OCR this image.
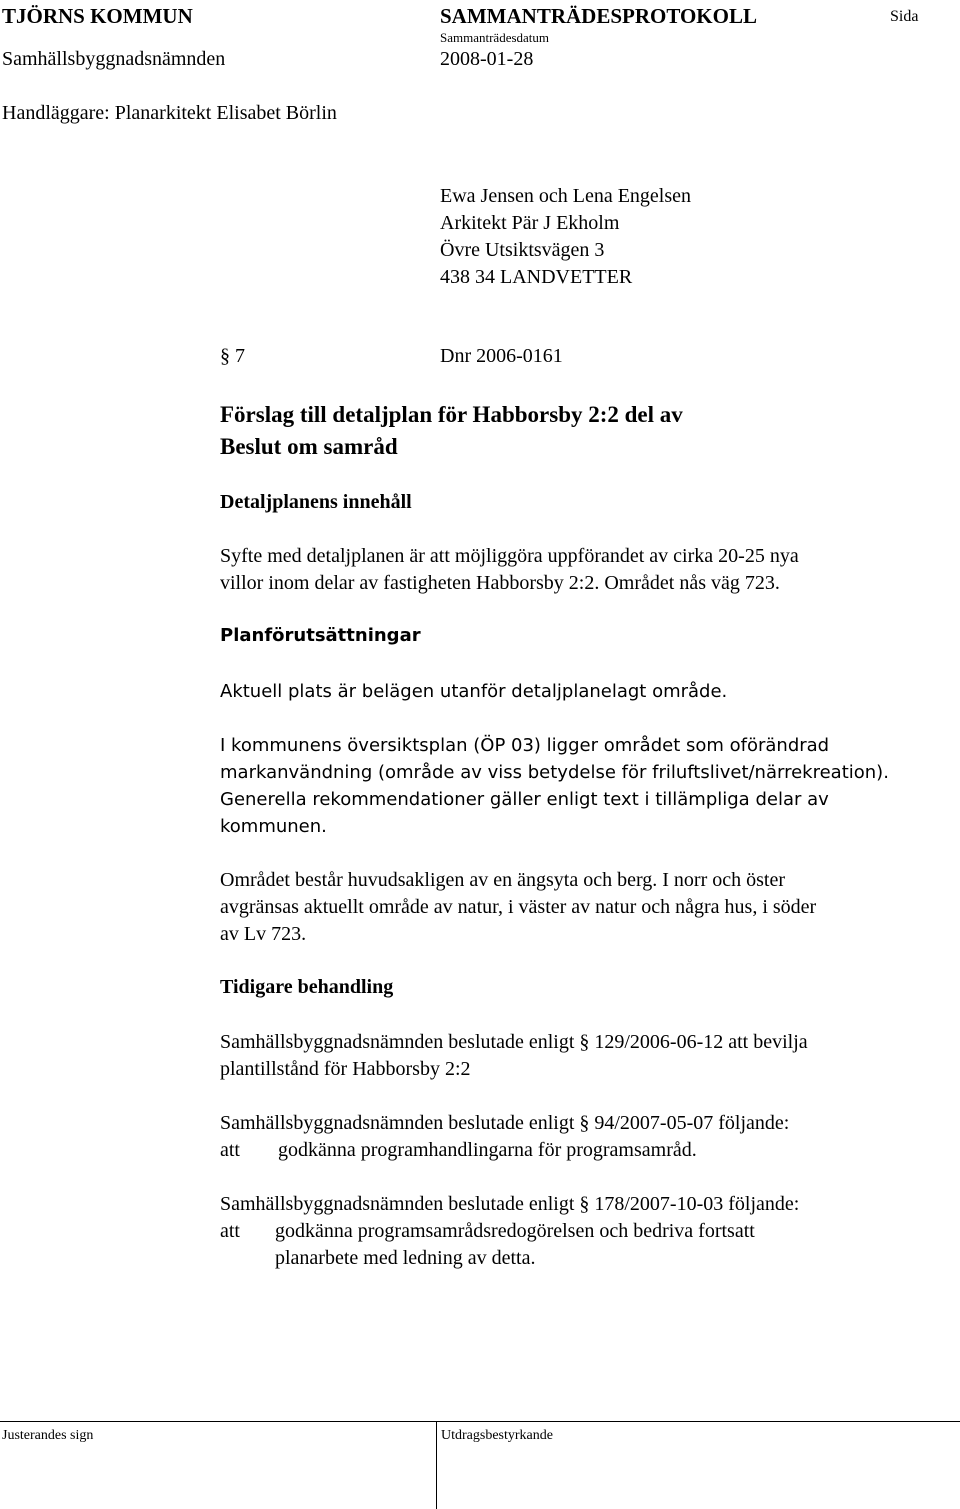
TJÖRNS KOMMUN	SAMMANTRÄDESPROTOKOLL	Sida
Sammanträdesdatum
Samhällsbyggnadsnämnden	2008-01-28
Handläggare: Planarkitekt Elisabet Börlin
Ewa Jensen och Lena Engelsen
Arkitekt Pär J Ekholm
Övre Utsiktsvägen 3
438 34 LANDVETTER
§ 7	Dnr 2006-0161
Förslag till detaljplan för Habborsby 2:2 del av
Beslut om samråd
Detaljplanens innehåll
Syfte med detaljplanen är att möjliggöra uppförandet av cirka 20-25 nya
villor inom delar av fastigheten Habborsby 2:2. Området nås väg 723.
Planförutsättningar
Aktuell plats är belägen utanför detaljplanelagt område.
I kommunens översiktsplan (ÖP 03) ligger området som oförändrad
markanvändning (område av viss betydelse för friluftslivet/närrekreation).
Generella rekommendationer gäller enligt text i tillämpliga delar av
kommunen.
Området består huvudsakligen av en ängsyta och berg. I norr och öster
avgränsas aktuellt område av natur, i väster av natur och några hus, i söder
av Lv 723.
Tidigare behandling
Samhällsbyggnadsnämnden beslutade enligt § 129/2006-06-12 att bevilja
plantillstånd för Habborsby 2:2
Samhällsbyggnadsnämnden beslutade enligt § 94/2007-05-07 följande:
att godkänna programhandlingarna för programsamråd.
Samhällsbyggnadsnämnden beslutade enligt § 178/2007-10-03 följande:
att godkänna programsamrådsredogörelsen och bedriva fortsatt
planarbete med ledning av detta.
Justerandes sign	Utdragsbestyrkande
